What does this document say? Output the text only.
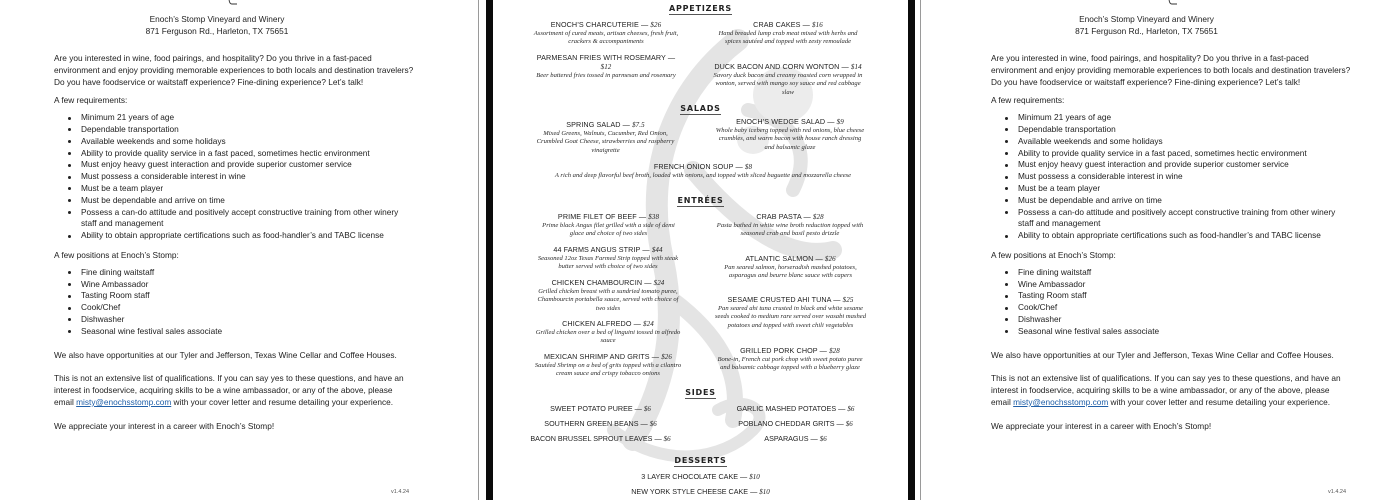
Enoch’s Stomp Vineyard and Winery
871 Ferguson Rd., Harleton, TX 75651

Are you interested in wine, food pairings, and hospitality? Do you thrive in a fast-paced environment and enjoy providing memorable experiences to both locals and destination travelers? Do you have foodservice or waitstaff experience? Fine-dining experience? Let’s talk!

A few requirements:
Minimum 21 years of age
Dependable transportation
Available weekends and some holidays
Ability to provide quality service in a fast paced, sometimes hectic environment
Must enjoy heavy guest interaction and provide superior customer service
Must possess a considerable interest in wine
Must be a team player
Must be dependable and arrive on time
Possess a can-do attitude and positively accept constructive training from other winery staff and management
Ability to obtain appropriate certifications such as food-handler’s and TABC license
A few positions at Enoch’s Stomp:
Fine dining waitstaff
Wine Ambassador
Tasting Room staff
Cook/Chef
Dishwasher
Seasonal wine festival sales associate

We also have opportunities at our Tyler and Jefferson, Texas Wine Cellar and Coffee Houses.

This is not an extensive list of qualifications. If you can say yes to these questions, and have an interest in foodservice, acquiring skills to be a wine ambassador, or any of the above, please email misty@enochsstomp.com with your cover letter and resume detailing your experience.

We appreciate your interest in a career with Enoch’s Stomp!

v1.4.24
APPETIZERS
ENOCH’S CHARCUTERIE — $26
Assortment of cured meats, artisan cheeses, fresh fruit, crackers & accompaniments
CRAB CAKES — $16
Hand breaded lump crab meat mixed with herbs and spices sautéed and topped with zesty remoulade
PARMESAN FRIES WITH ROSEMARY — $12
Beer battered fries tossed in parmesan and rosemary
DUCK BACON AND CORN WONTON — $14
Savory duck bacon and creamy roasted corn wrapped in wonton, served with mango soy sauce and red cabbage slaw
SALADS
SPRING SALAD — $7.5
Mixed Greens, Walnuts, Cucumber, Red Onion, Crumbled Goat Cheese, strawberries and raspberry vinaigrette
ENOCH’S WEDGE SALAD — $9
Whole baby iceberg topped with red onions, blue cheese crumbles, and warm bacon with house ranch dressing and balsamic glaze
FRENCH ONION SOUP — $8
A rich and deep flavorful beef broth, loaded with onions, and topped with sliced baguette and mozzarella cheese
ENTRÉES
PRIME FILET OF BEEF — $38
Prime black Angus filet grilled with a side of demi glace and choice of two sides
CRAB PASTA — $28
Pasta bathed in white wine broth reduction topped with seasoned crab and basil pesto drizzle
44 FARMS ANGUS STRIP — $44
Seasoned 12oz Texas Farmed Strip topped with steak butter served with choice of two sides
ATLANTIC SALMON — $26
Pan seared salmon, horseradish mashed potatoes, asparagus and beurre blanc sauce with capers
CHICKEN CHAMBOURCIN — $24
Grilled chicken breast with a sundried tomato puree, Chambourcin portabella sauce, served with choice of two sides
SESAME CRUSTED AHI TUNA — $25
Pan seared ahi tuna crusted in black and white sesame seeds cooked to medium rare served over wasabi mashed potatoes and topped with sweet chili vegetables
CHICKEN ALFREDO — $24
Grilled chicken over a bed of linguini tossed in alfredo sauce
GRILLED PORK CHOP — $28
Bone-in, French cut pork chop with sweet potato puree and balsamic cabbage topped with a blueberry glaze
MEXICAN SHRIMP AND GRITS — $26
Sautéed Shrimp on a bed of grits topped with a cilantro cream sauce and crispy tobacco onions
SIDES
SWEET POTATO PUREE — $6	GARLIC MASHED POTATOES — $6
SOUTHERN GREEN BEANS — $6	POBLANO CHEDDAR GRITS — $6
BACON BRUSSEL SPROUT LEAVES — $6	ASPARAGUS — $6
DESSERTS
3 LAYER CHOCOLATE CAKE — $10
NEW YORK STYLE CHEESE CAKE — $10
Enoch’s Stomp Vineyard and Winery
871 Ferguson Rd., Harleton, TX 75651

Are you interested in wine, food pairings, and hospitality? Do you thrive in a fast-paced environment and enjoy providing memorable experiences to both locals and destination travelers? Do you have foodservice or waitstaff experience? Fine-dining experience? Let’s talk!

A few requirements:
Minimum 21 years of age
Dependable transportation
Available weekends and some holidays
Ability to provide quality service in a fast paced, sometimes hectic environment
Must enjoy heavy guest interaction and provide superior customer service
Must possess a considerable interest in wine
Must be a team player
Must be dependable and arrive on time
Possess a can-do attitude and positively accept constructive training from other winery staff and management
Ability to obtain appropriate certifications such as food-handler’s and TABC license
A few positions at Enoch’s Stomp:
Fine dining waitstaff
Wine Ambassador
Tasting Room staff
Cook/Chef
Dishwasher
Seasonal wine festival sales associate

We also have opportunities at our Tyler and Jefferson, Texas Wine Cellar and Coffee Houses.

This is not an extensive list of qualifications. If you can say yes to these questions, and have an interest in foodservice, acquiring skills to be a wine ambassador, or any of the above, please email misty@enochsstomp.com with your cover letter and resume detailing your experience.

We appreciate your interest in a career with Enoch’s Stomp!

v1.4.24
